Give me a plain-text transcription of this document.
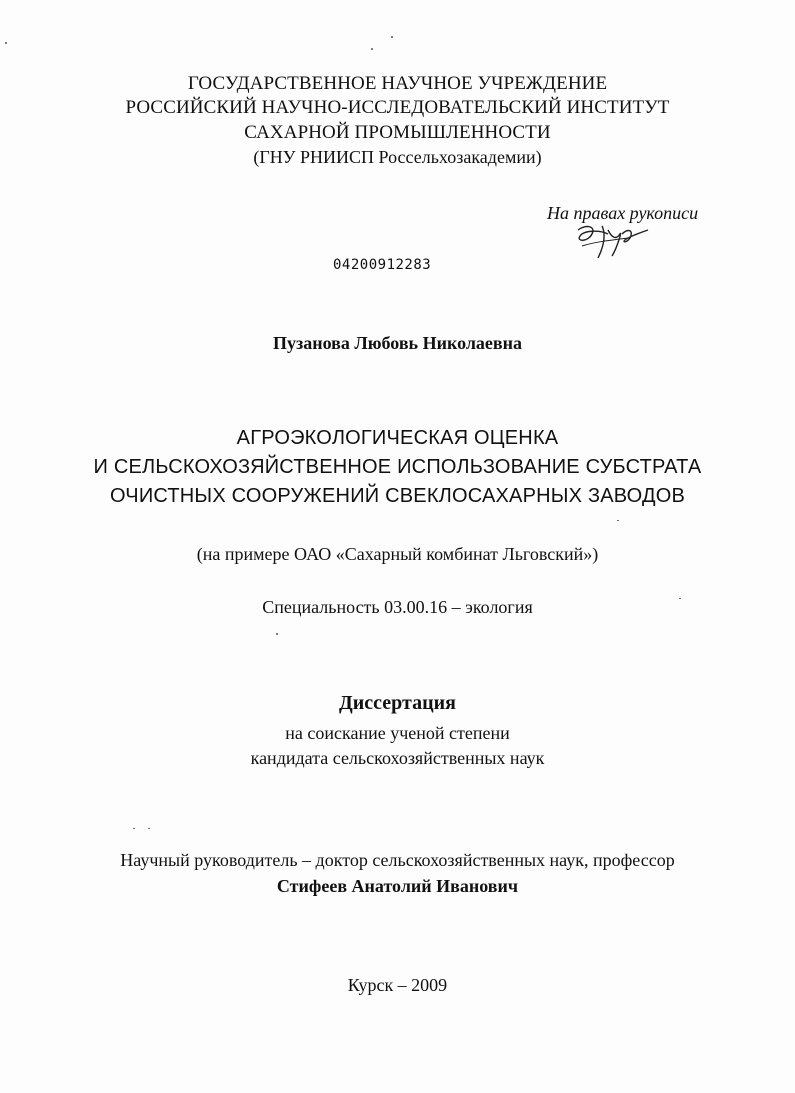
ГОСУДАРСТВЕННОЕ НАУЧНОЕ УЧРЕЖДЕНИЕ
РОССИЙСКИЙ НАУЧНО-ИССЛЕДОВАТЕЛЬСКИЙ ИНСТИТУТ
САХАРНОЙ ПРОМЫШЛЕННОСТИ
(ГНУ РНИИСП Россельхозакадемии)
На правах рукописи
04200912283
Пузанова Любовь Николаевна
АГРОЭКОЛОГИЧЕСКАЯ ОЦЕНКА
И СЕЛЬСКОХОЗЯЙСТВЕННОЕ ИСПОЛЬЗОВАНИЕ СУБСТРАТА
ОЧИСТНЫХ СООРУЖЕНИЙ СВЕКЛОСАХАРНЫХ ЗАВОДОВ
(на примере ОАО «Сахарный комбинат Льговский»)
Специальность 03.00.16 – экология
Диссертация
на соискание ученой степени
кандидата сельскохозяйственных наук
Научный руководитель – доктор сельскохозяйственных наук, профессор
Стифеев Анатолий Иванович
Курск – 2009
